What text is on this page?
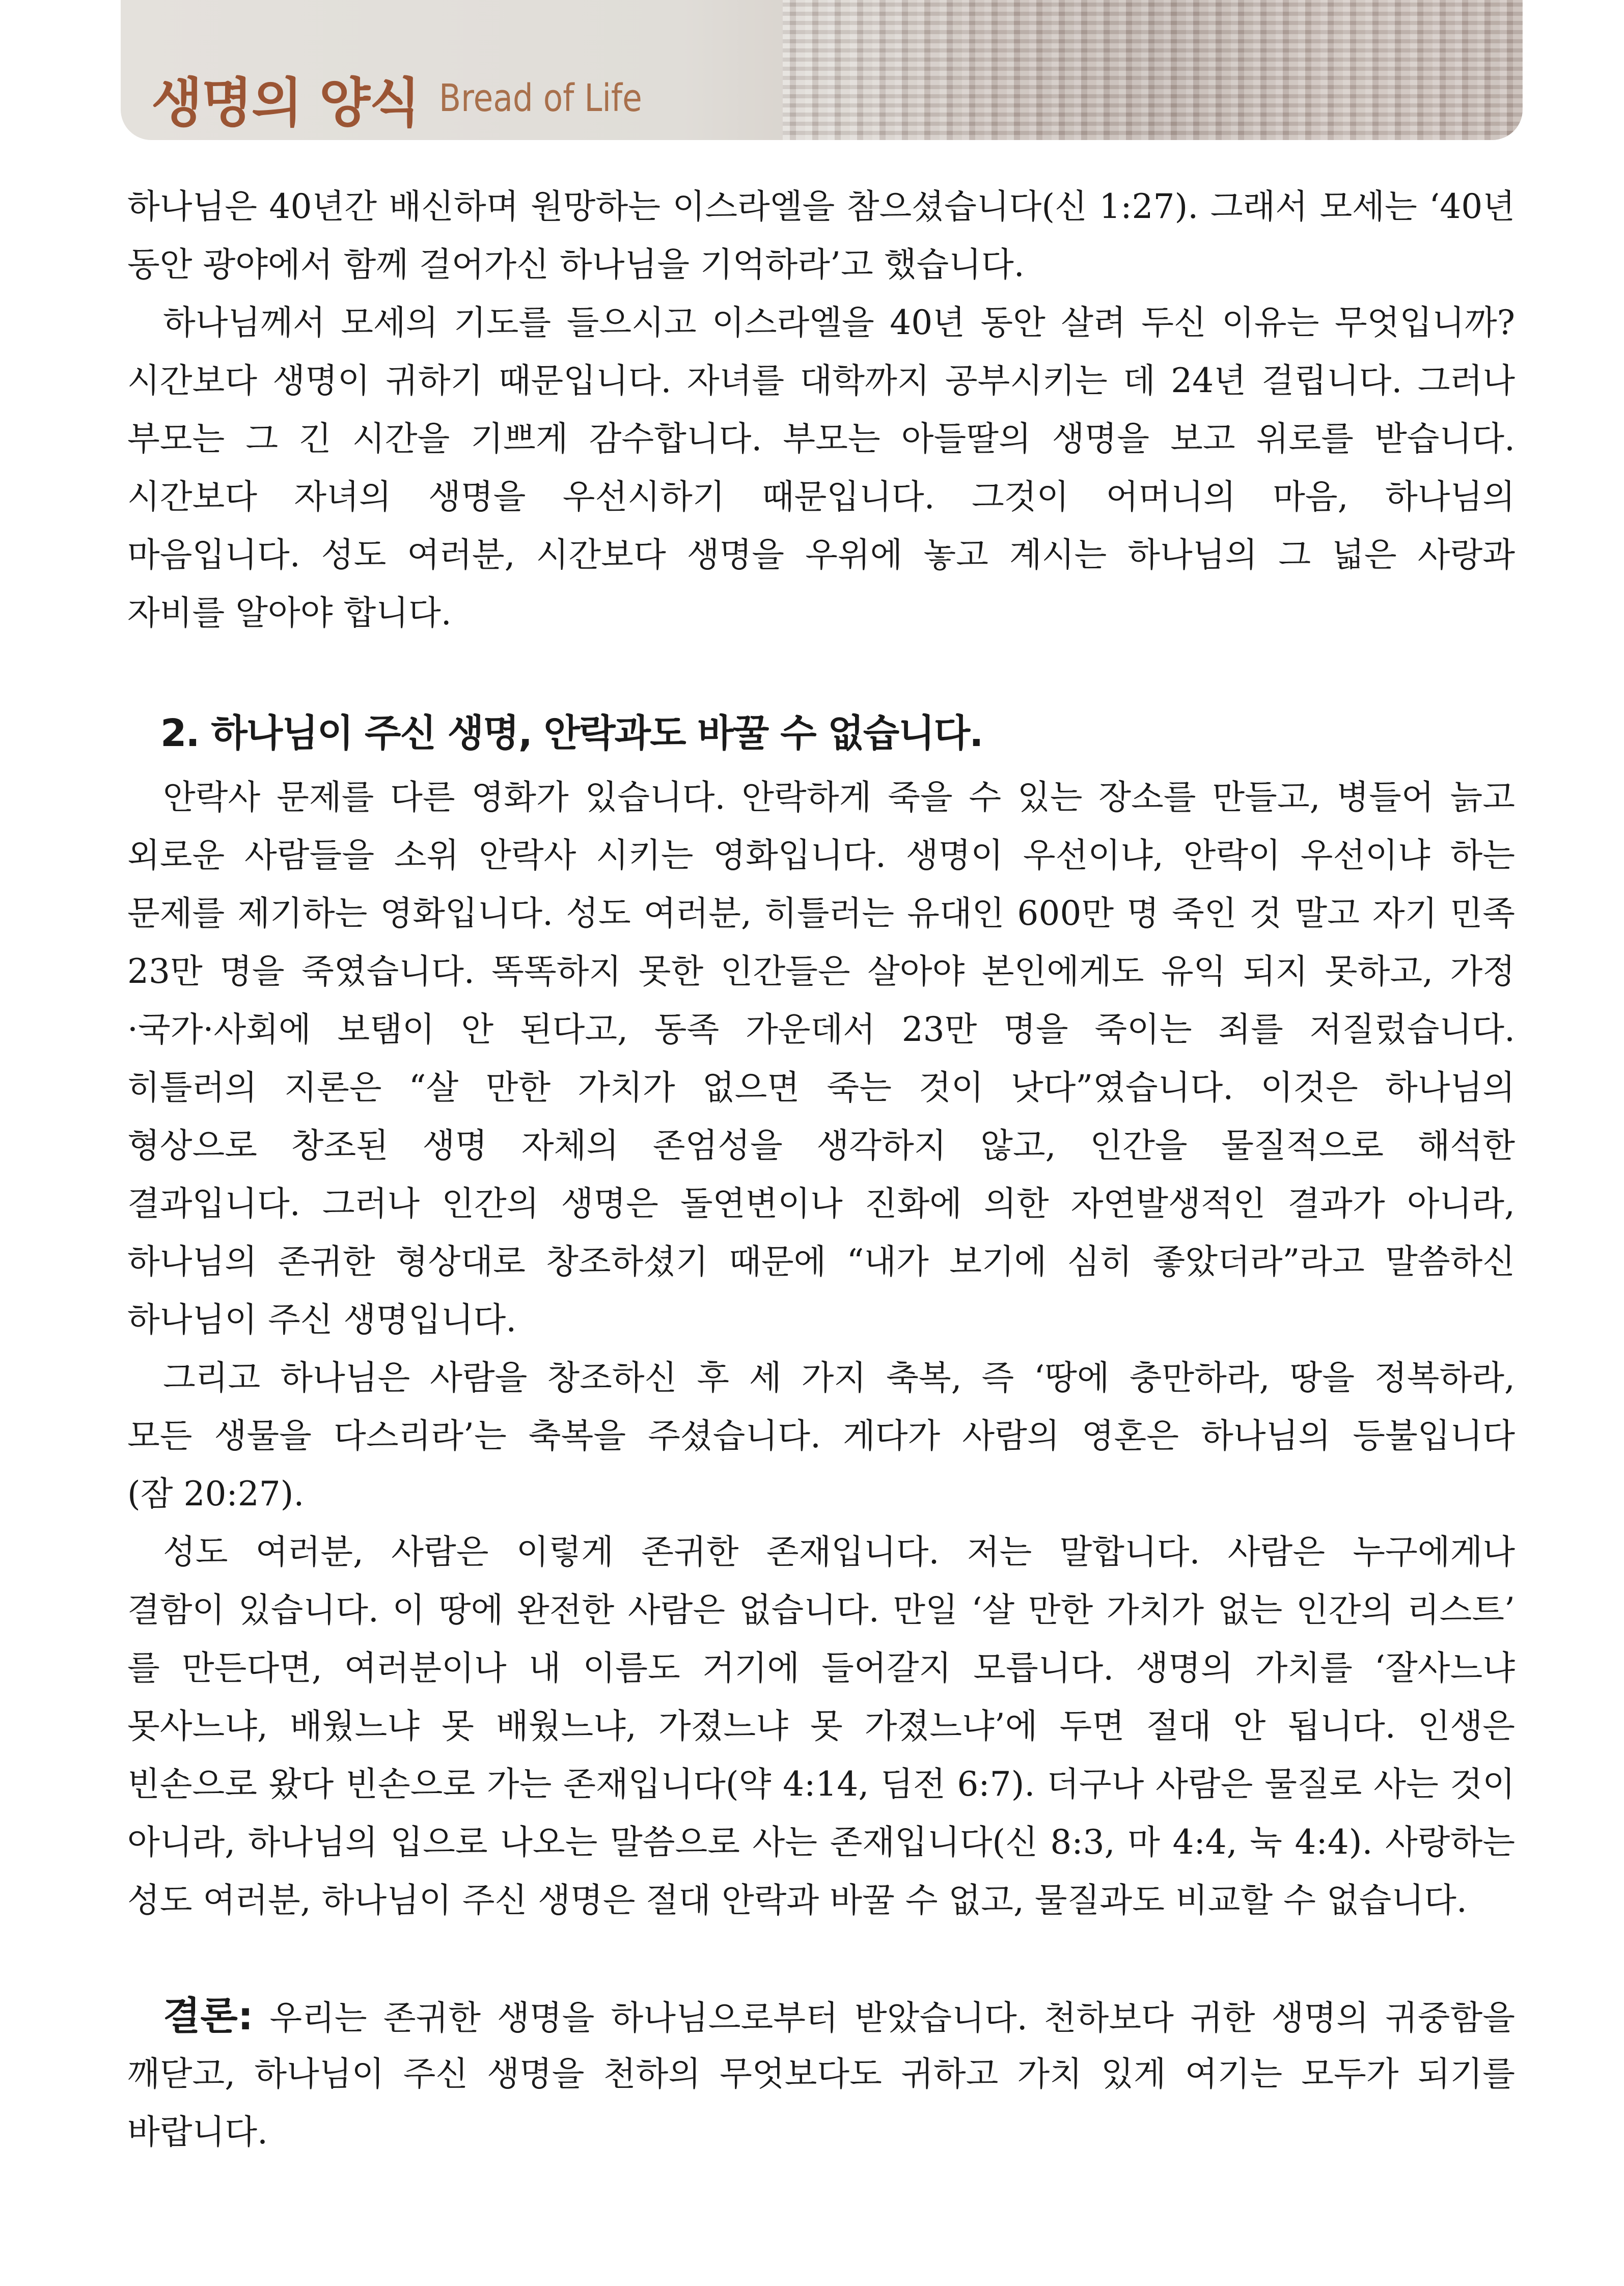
생명의 양식 Bread of Life
하나님은 40년간 배신하며 원망하는 이스라엘을 참으셨습니다(신 1:27). 그래서 모세는 ‘40년
동안 광야에서 함께 걸어가신 하나님을 기억하라’고 했습니다.
하나님께서 모세의 기도를 들으시고 이스라엘을 40년 동안 살려 두신 이유는 무엇입니까?
시간보다 생명이 귀하기 때문입니다. 자녀를 대학까지 공부시키는 데 24년 걸립니다. 그러나
부모는 그 긴 시간을 기쁘게 감수합니다. 부모는 아들딸의 생명을 보고 위로를 받습니다.
시간보다 자녀의 생명을 우선시하기 때문입니다. 그것이 어머니의 마음, 하나님의
마음입니다. 성도 여러분, 시간보다 생명을 우위에 놓고 계시는 하나님의 그 넓은 사랑과
자비를 알아야 합니다.
2. 하나님이 주신 생명, 안락과도 바꿀 수 없습니다.
안락사 문제를 다른 영화가 있습니다. 안락하게 죽을 수 있는 장소를 만들고, 병들어 늙고
외로운 사람들을 소위 안락사 시키는 영화입니다. 생명이 우선이냐, 안락이 우선이냐 하는
문제를 제기하는 영화입니다. 성도 여러분, 히틀러는 유대인 600만 명 죽인 것 말고 자기 민족
23만 명을 죽였습니다. 똑똑하지 못한 인간들은 살아야 본인에게도 유익 되지 못하고, 가정
·국가·사회에 보탬이 안 된다고, 동족 가운데서 23만 명을 죽이는 죄를 저질렀습니다.
히틀러의 지론은 “살 만한 가치가 없으면 죽는 것이 낫다”였습니다. 이것은 하나님의
형상으로 창조된 생명 자체의 존엄성을 생각하지 않고, 인간을 물질적으로 해석한
결과입니다. 그러나 인간의 생명은 돌연변이나 진화에 의한 자연발생적인 결과가 아니라,
하나님의 존귀한 형상대로 창조하셨기 때문에 “내가 보기에 심히 좋았더라”라고 말씀하신
하나님이 주신 생명입니다.
그리고 하나님은 사람을 창조하신 후 세 가지 축복, 즉 ‘땅에 충만하라, 땅을 정복하라,
모든 생물을 다스리라’는 축복을 주셨습니다. 게다가 사람의 영혼은 하나님의 등불입니다
(잠 20:27).
성도 여러분, 사람은 이렇게 존귀한 존재입니다. 저는 말합니다. 사람은 누구에게나
결함이 있습니다. 이 땅에 완전한 사람은 없습니다. 만일 ‘살 만한 가치가 없는 인간의 리스트’
를 만든다면, 여러분이나 내 이름도 거기에 들어갈지 모릅니다. 생명의 가치를 ‘잘사느냐
못사느냐, 배웠느냐 못 배웠느냐, 가졌느냐 못 가졌느냐’에 두면 절대 안 됩니다. 인생은
빈손으로 왔다 빈손으로 가는 존재입니다(약 4:14, 딤전 6:7). 더구나 사람은 물질로 사는 것이
아니라, 하나님의 입으로 나오는 말씀으로 사는 존재입니다(신 8:3, 마 4:4, 눅 4:4). 사랑하는
성도 여러분, 하나님이 주신 생명은 절대 안락과 바꿀 수 없고, 물질과도 비교할 수 없습니다.
결론: 우리는 존귀한 생명을 하나님으로부터 받았습니다. 천하보다 귀한 생명의 귀중함을
깨닫고, 하나님이 주신 생명을 천하의 무엇보다도 귀하고 가치 있게 여기는 모두가 되기를
바랍니다.
